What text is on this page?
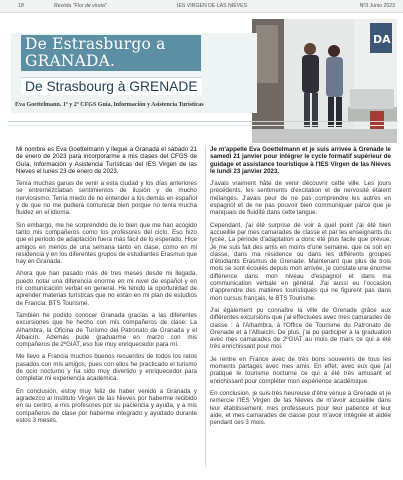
18	Revista "Flor de viruta"	IES VIRGEN DE LAS NIEVES	Nº3 Junio 2023
DA
De Estrasburgo a GRANADA.
De Strasbourg à GRENADE
Eva Goettelmann. 1º y 2º CFGS Guía, Información y Asistencia Turísticas

Mi nombre es Eva Goettelmann y llegué a Granada el sábado 21 de enero de 2023 para incorporarme a mis clases del CFGS de Guía, Información y Asistencia Turísticas del IES Virgen de las Nieves el lunes 23 de enero de 2023.

Tenía muchas ganas de venir a esta ciudad y los días anteriores se entremezclaban sentimientos de ilusión y de mucho nerviosismo. Tenía miedo de no entender a los demás en español y de que no me pudiera comunicar bien porque no tenía mucha fluidez en el idioma.

Sin embargo, me he sorprendido de lo bien que me han acogido tanto mis compañeros como los profesores del ciclo. Eso hizo que el periodo de adaptación fuera más fácil de lo esperado. Hice amigos en menos de una semana tanto en clase, como en mi residencia y en los diferentes grupos de estudiantes Erasmus que hay en Granada.

Ahora que han pasado más de tres meses desde mi llegada, puedo notar una diferencia enorme en mi nivel de español y en mi comunicación verbal en general. He tenido la oportunidad de aprender materias turísticas que no están en mi plan de estudios de Francia, BTS Tourisme.

También he podido conocer Granada gracias a las diferentes excursiones que he hecho con mis compañeros de clase: La Alhambra, la Oficina de Turismo del Patronato de Granada y el Albaicín. Además pude graduarme en marzo con mis compañeros de 2ºGIAT, eso fue muy enriquecedor para mí.

Me llevo a Francia muchos buenos recuerdos de todos los ratos pasados con mis amigos, pues con ellos he practicado el turismo de ocio nocturno y ha sido muy divertido y enriquecedor para completar mi experiencia académica.

En conclusión, estoy muy feliz de haber venido a Granada y agradezco al Instituto Virgen de las Nieves por haberme recibido en su centro, a mis profesores por su paciencia y ayuda, y a mis compañeros de clase por haberme integrado y ayudado durante estos 3 meses.

Je m'appelle Eva Goettelmann et je suis arrivée à Grenade le samedi 21 janvier pour intégrer le cycle formatif supérieur de guidage et assistance touristique à l'IES Virgen de las Nieves le lundi 23 janvier 2023.

J'avais vraiment hâte de venir découvrir cette ville. Les jours précédents, les sentiments d'excitation et de nervosité étaient mélangés. J'avais peur de ne pas comprendre les autres en espagnol et de ne pas pouvoir bien communiquer parce que je manquais de fluidité dans cette langue.

Cependant, j'ai été surprise de voir à quel point j'ai été bien accueillie par mes camarades de classe et par les enseignants du lycée. La période d'adaptation a donc été plus facile que prévue. Je me suis fait des amis en moins d'une semaine, que ce soit en classe, dans ma résidence ou dans les différents groupes d'étudiants Erasmus de Grenade. Maintenant que plus de trois mois se sont écoulés depuis mon arrivée, je constate une énorme différence dans mon niveau d'espagnol et dans ma communication verbale en général. J'ai aussi eu l'occasion d'apprendre des matières touristiques qui ne figurent pas dans mon cursus français, le BTS Tourisme.

J'ai également pu connaître la ville de Grenade grâce aux différentes excursions que j'ai effectuées avec mes camarades de classe : à l'Alhambra, à l'Office de Tourisme du Patronato de Grenade et à l'Albaicín. De plus, j'ai pu participer à la graduation avec mes camarades de 2ºGIAT au mois de mars ce qui a été très enrichissant pour moi.

Je rentre en France avec de très bons souvenirs de tous les moments partagés avec mes amis. En effet, avec eux que j'ai pratiqué le tourisme nocturne ce qui a été très amusant et enrichissant pour compléter mon expérience académique.

En conclusion, je suis très heureuse d'être venue à Grenade et je remercie l'IES Virgen de las Nieves de m'avoir accueillie dans leur établissement, mes professeurs pour leur patience et leur aide, et mes camarades de classe pour m'avoir intégrée et aidée pendant ces 3 mois.
